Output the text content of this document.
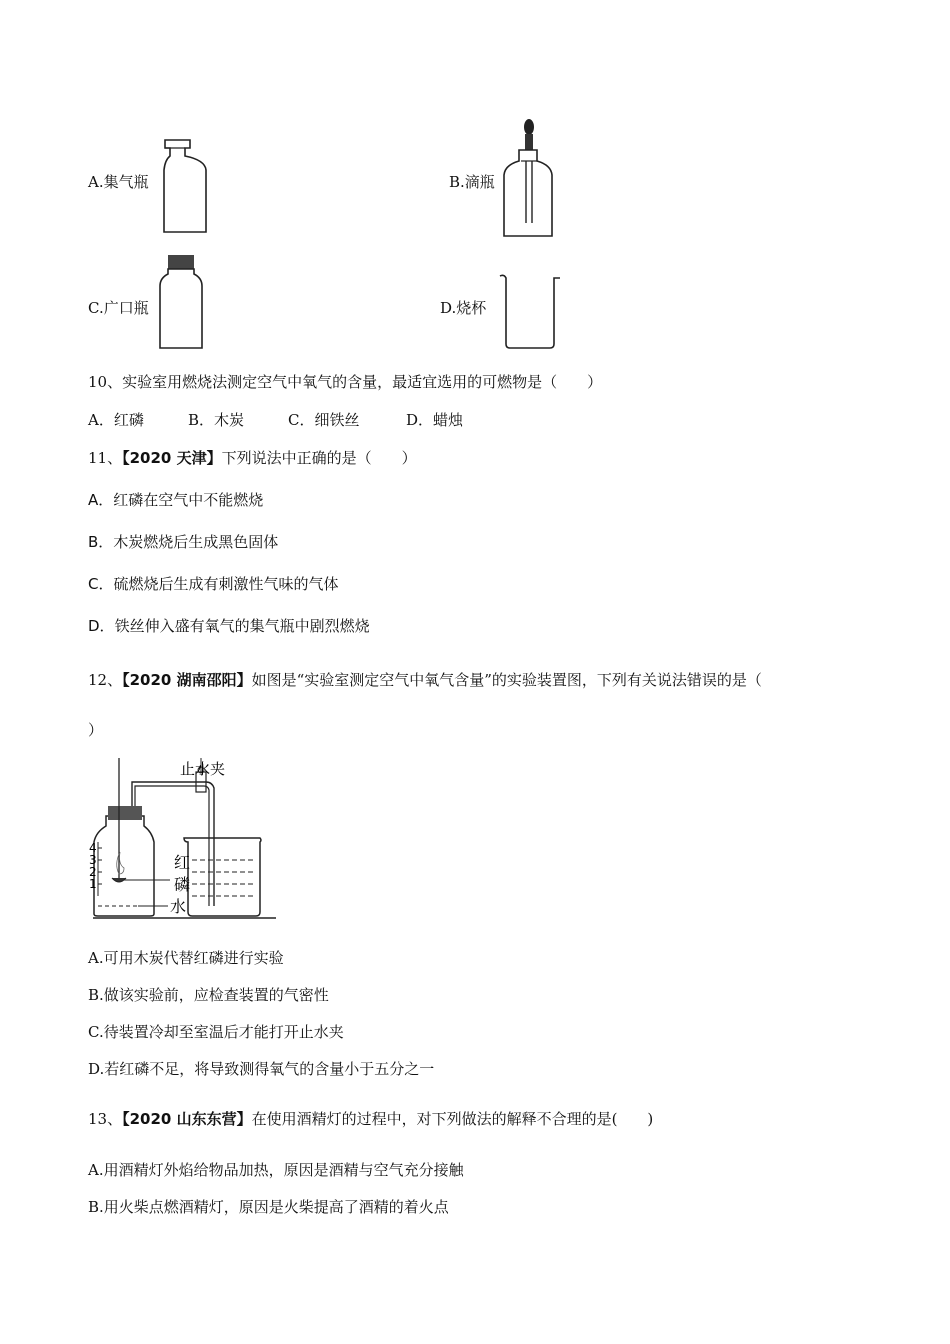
A.集气瓶	B.滴瓶
C.广口瓶	D.烧杯
10、实验室用燃烧法测定空气中氧气的含量，最适宜选用的可燃物是（　　）
A．红磷	B．木炭	C．细铁丝	D．蜡烛
11、【2020 天津】下列说法中正确的是（　　）
A．红磷在空气中不能燃烧
B．木炭燃烧后生成黑色固体
C．硫燃烧后生成有刺激性气味的气体
D．铁丝伸入盛有氧气的集气瓶中剧烈燃烧
12、【2020 湖南邵阳】如图是“实验室测定空气中氧气含量”的实验装置图，下列有关说法错误的是（
）
4
3
2
1
止水夹
红
磷
水
A.可用木炭代替红磷进行实验
B.做该实验前，应检查装置的气密性
C.待装置冷却至室温后才能打开止水夹
D.若红磷不足，将导致测得氧气的含量小于五分之一
13、【2020 山东东营】在使用酒精灯的过程中，对下列做法的解释不合理的是(　　)
A.用酒精灯外焰给物品加热，原因是酒精与空气充分接触
B.用火柴点燃酒精灯，原因是火柴提高了酒精的着火点
